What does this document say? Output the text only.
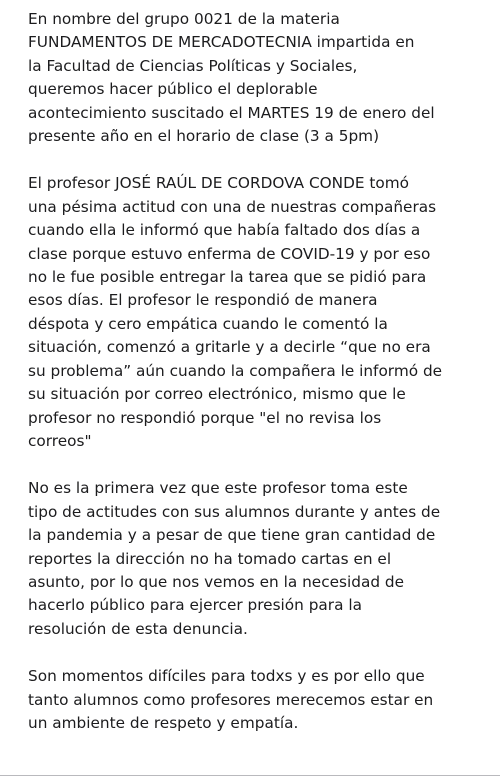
En nombre del grupo 0021 de la materia
FUNDAMENTOS DE MERCADOTECNIA impartida en
la Facultad de Ciencias Políticas y Sociales,
queremos hacer público el deplorable
acontecimiento suscitado el MARTES 19 de enero del
presente año en el horario de clase (3 a 5pm)

El profesor JOSÉ RAÚL DE CORDOVA CONDE tomó
una pésima actitud con una de nuestras compañeras
cuando ella le informó que había faltado dos días a
clase porque estuvo enferma de COVID-19 y por eso
no le fue posible entregar la tarea que se pidió para
esos días. El profesor le respondió de manera
déspota y cero empática cuando le comentó la
situación, comenzó a gritarle y a decirle “que no era
su problema” aún cuando la compañera le informó de
su situación por correo electrónico, mismo que le
profesor no respondió porque "el no revisa los
correos"

No es la primera vez que este profesor toma este
tipo de actitudes con sus alumnos durante y antes de
la pandemia y a pesar de que tiene gran cantidad de
reportes la dirección no ha tomado cartas en el
asunto, por lo que nos vemos en la necesidad de
hacerlo público para ejercer presión para la
resolución de esta denuncia.

Son momentos difíciles para todxs y es por ello que
tanto alumnos como profesores merecemos estar en
un ambiente de respeto y empatía.
